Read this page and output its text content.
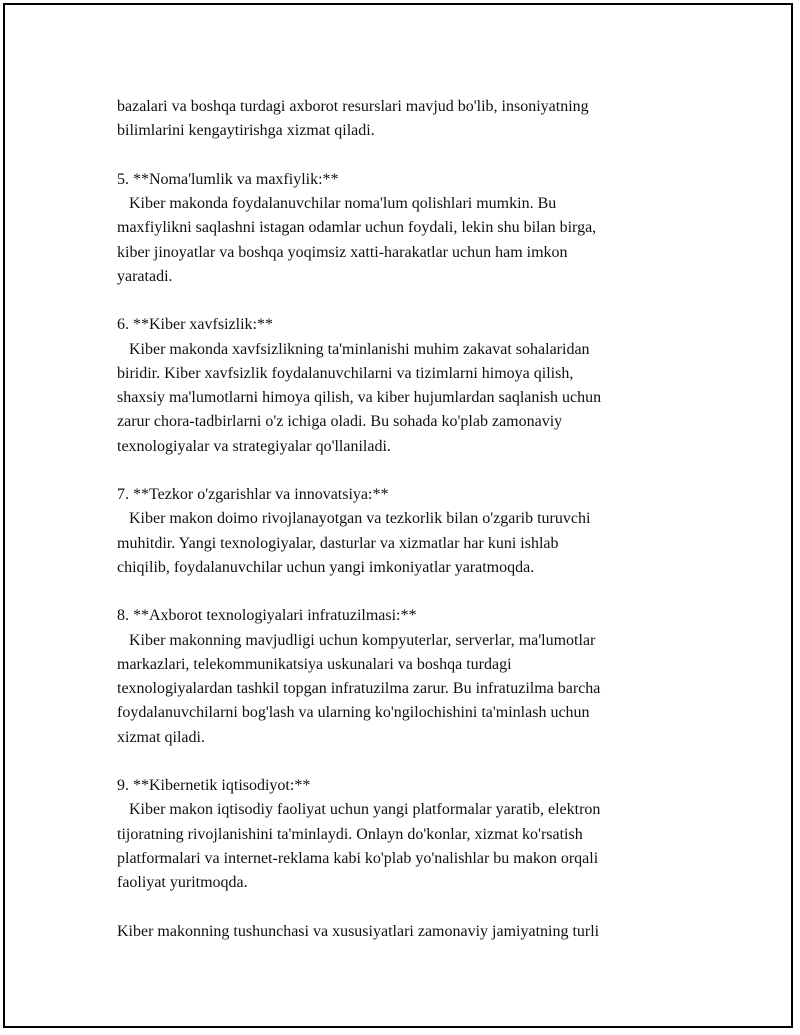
bazalari va boshqa turdagi axborot resurslari mavjud bo'lib, insoniyatning
bilimlarini kengaytirishga xizmat qiladi.
5. **Noma'lumlik va maxfiylik:**
Kiber makonda foydalanuvchilar noma'lum qolishlari mumkin. Bu
maxfiylikni saqlashni istagan odamlar uchun foydali, lekin shu bilan birga,
kiber jinoyatlar va boshqa yoqimsiz xatti-harakatlar uchun ham imkon
yaratadi.
6. **Kiber xavfsizlik:**
Kiber makonda xavfsizlikning ta'minlanishi muhim zakavat sohalaridan
biridir. Kiber xavfsizlik foydalanuvchilarni va tizimlarni himoya qilish,
shaxsiy ma'lumotlarni himoya qilish, va kiber hujumlardan saqlanish uchun
zarur chora-tadbirlarni o'z ichiga oladi. Bu sohada ko'plab zamonaviy
texnologiyalar va strategiyalar qo'llaniladi.
7. **Tezkor o'zgarishlar va innovatsiya:**
Kiber makon doimo rivojlanayotgan va tezkorlik bilan o'zgarib turuvchi
muhitdir. Yangi texnologiyalar, dasturlar va xizmatlar har kuni ishlab
chiqilib, foydalanuvchilar uchun yangi imkoniyatlar yaratmoqda.
8. **Axborot texnologiyalari infratuzilmasi:**
Kiber makonning mavjudligi uchun kompyuterlar, serverlar, ma'lumotlar
markazlari, telekommunikatsiya uskunalari va boshqa turdagi
texnologiyalardan tashkil topgan infratuzilma zarur. Bu infratuzilma barcha
foydalanuvchilarni bog'lash va ularning ko'ngilochishini ta'minlash uchun
xizmat qiladi.
9. **Kibernetik iqtisodiyot:**
Kiber makon iqtisodiy faoliyat uchun yangi platformalar yaratib, elektron
tijoratning rivojlanishini ta'minlaydi. Onlayn do'konlar, xizmat ko'rsatish
platformalari va internet-reklama kabi ko'plab yo'nalishlar bu makon orqali
faoliyat yuritmoqda.
Kiber makonning tushunchasi va xususiyatlari zamonaviy jamiyatning turli
